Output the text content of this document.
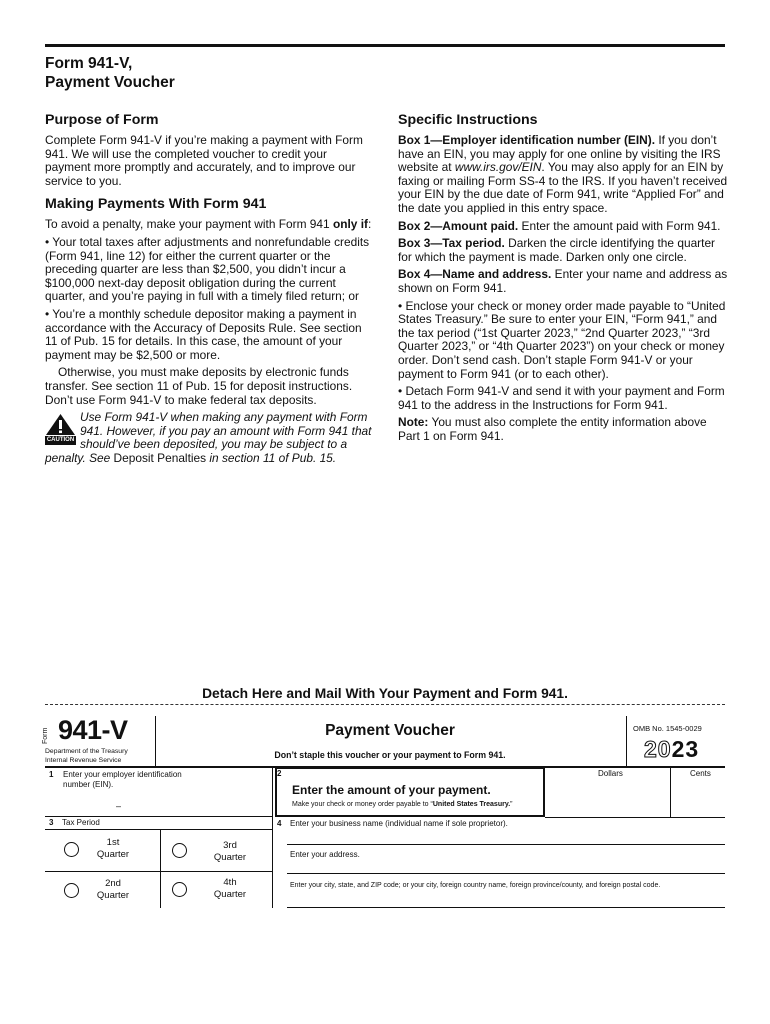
Form 941-V,
Payment Voucher
Purpose of Form

Complete Form 941-V if you’re making a payment with Form 941. We will use the completed voucher to credit your payment more promptly and accurately, and to improve our service to you.

Making Payments With Form 941

To avoid a penalty, make your payment with Form 941 only if:

• Your total taxes after adjustments and nonrefundable credits (Form 941, line 12) for either the current quarter or the preceding quarter are less than $2,500, you didn’t incur a $100,000 next-day deposit obligation during the current quarter, and you’re paying in full with a timely filed return; or

• You’re a monthly schedule depositor making a payment in accordance with the Accuracy of Deposits Rule. See section 11 of Pub. 15 for details. In this case, the amount of your payment may be $2,500 or more.

Otherwise, you must make deposits by electronic funds transfer. See section 11 of Pub. 15 for deposit instructions. Don’t use Form 941-V to make federal tax deposits.

CAUTION
Use Form 941-V when making any payment with Form 941. However, if you pay an amount with Form 941 that should’ve been deposited, you may be subject to a penalty. See Deposit Penalties in section 11 of Pub. 15.
Specific Instructions

Box 1—Employer identification number (EIN). If you don’t have an EIN, you may apply for one online by visiting the IRS website at www.irs.gov/EIN. You may also apply for an EIN by faxing or mailing Form SS-4 to the IRS. If you haven’t received your EIN by the due date of Form 941, write “Applied For” and the date you applied in this entry space.

Box 2—Amount paid. Enter the amount paid with Form 941.

Box 3—Tax period. Darken the circle identifying the quarter for which the payment is made. Darken only one circle.

Box 4—Name and address. Enter your name and address as shown on Form 941.

• Enclose your check or money order made payable to “United States Treasury.” Be sure to enter your EIN, “Form 941,” and the tax period (“1st Quarter 2023,” “2nd Quarter 2023,” “3rd Quarter 2023,” or “4th Quarter 2023”) on your check or money order. Don’t send cash. Don’t staple Form 941-V or your payment to Form 941 (or to each other).

• Detach Form 941-V and send it with your payment and Form 941 to the address in the Instructions for Form 941.

Note: You must also complete the entity information above Part 1 on Form 941.

Detach Here and Mail With Your Payment and Form 941.
Form 941-V
Department of the Treasury
Internal Revenue Service
Payment Voucher
Don’t staple this voucher or your payment to Form 941.
OMB No. 1545-0029
2023
1 Enter your employer identification
number (EIN).
–
2
Enter the amount of your payment.
Make your check or money order payable to “United States Treasury.”
Dollars	Cents
3 Tax Period
1st
Quarter
3rd
Quarter
2nd
Quarter
4th
Quarter
4 Enter your business name (individual name if sole proprietor).
Enter your address.
Enter your city, state, and ZIP code; or your city, foreign country name, foreign province/county, and foreign postal code.
